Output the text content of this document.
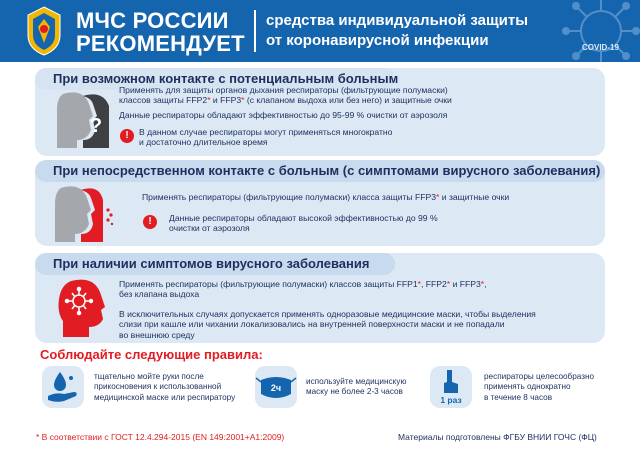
МЧС РОССИИ
РЕКОМЕНДУЕТ
средства индивидуальной защиты
от коронавирусной инфекции	COVID-19
При возможном контакте с потенциальным больным
?
Применять для защиты органов дыхания респираторы (фильтрующие полумаски)
классов защиты FFP2* и FFP3* (с клапаном выдоха или без него) и защитные очки
Данные респираторы обладают эффективностью до 95-99 % очистки от аэрозоля
!	В данном случае респираторы могут применяться многократно
и достаточно длительное время
При непосредственном контакте с больным (с симптомами вирусного заболевания)
Применять респираторы (фильтрующие полумаски) класса защиты FFP3* и защитные очки
!	Данные респираторы обладают высокой эффективностью до 99 %
очистки от аэрозоля
При наличии симптомов вирусного заболевания
Применять респираторы (фильтрующие полумаски) классов защиты FFP1*, FFP2* и FFP3*,
без клапана выдоха
В исключительных случаях допускается применять одноразовые медицинские маски, чтобы выделения
слизи при кашле или чихании локализовались на внутренней поверхности маски и не попадали
во внешнюю среду
Соблюдайте следующие правила:
тщательно мойте руки после
прикосновения к использованной
медицинской маске или респиратору
2ч
используйте медицинскую
маску не более 2-3 часов
1 раз
респираторы целесообразно
применять однократно
в течение 8 часов
* В соответствии с ГОСТ 12.4.294-2015 (EN 149:2001+A1:2009)	Материалы подготовлены ФГБУ ВНИИ ГОЧС (ФЦ)
